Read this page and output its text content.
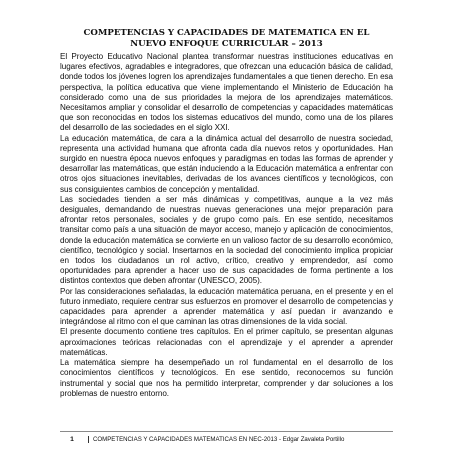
COMPETENCIAS Y CAPACIDADES DE MATEMATICA EN EL
NUEVO ENFOQUE CURRICULAR – 2013

El Proyecto Educativo Nacional plantea transformar nuestras instituciones educativas en lugares efectivos, agradables e integradores, que ofrezcan una educación básica de calidad, donde todos los jóvenes logren los aprendizajes fundamentales a que tienen derecho. En esa perspectiva, la política educativa que viene implementando el Ministerio de Educación ha considerado como una de sus prioridades la mejora de los aprendizajes matemáticos. Necesitamos ampliar y consolidar el desarrollo de competencias y capacidades matemáticas que son reconocidas en todos los sistemas educativos del mundo, como una de los pilares del desarrollo de las sociedades en el siglo XXI.

La educación matemática, de cara a la dinámica actual del desarrollo de nuestra sociedad, representa una actividad humana que afronta cada día nuevos retos y oportunidades. Han surgido en nuestra época nuevos enfoques y paradigmas en todas las formas de aprender y desarrollar las matemáticas, que están induciendo a la Educación matemática a enfrentar con otros ojos situaciones inevitables, derivadas de los avances científicos y tecnológicos, con sus consiguientes cambios de concepción y mentalidad.

Las sociedades tienden a ser más dinámicas y competitivas, aunque a la vez más desiguales, demandando de nuestras nuevas generaciones una mejor preparación para afrontar retos personales, sociales y de grupo como país. En ese sentido, necesitamos transitar como país a una situación de mayor acceso, manejo y aplicación de conocimientos, donde la educación matemática se convierte en un valioso factor de su desarrollo económico, científico, tecnológico y social. Insertarnos en la sociedad del conocimiento implica propiciar en todos los ciudadanos un rol activo, crítico, creativo y emprendedor, así como oportunidades para aprender a hacer uso de sus capacidades de forma pertinente a los distintos contextos que deben afrontar (UNESCO, 2005).

Por las consideraciones señaladas, la educación matemática peruana, en el presente y en el futuro inmediato, requiere centrar sus esfuerzos en promover el desarrollo de competencias y capacidades para aprender a aprender matemática y así puedan ir avanzando e integrándose al ritmo con el que caminan las otras dimensiones de la vida social.

El presente documento contiene tres capítulos. En el primer capítulo, se presentan algunas aproximaciones teóricas relacionadas con el aprendizaje y el aprender a aprender matemáticas.

La matemática siempre ha desempeñado un rol fundamental en el desarrollo de los conocimientos científicos y tecnológicos. En ese sentido, reconocemos su función instrumental y social que nos ha permitido interpretar, comprender y dar soluciones a los problemas de nuestro entorno.

1	COMPETENCIAS Y CAPACIDADES MATEMATICAS EN NEC-2013 - Edgar Zavaleta Portillo
